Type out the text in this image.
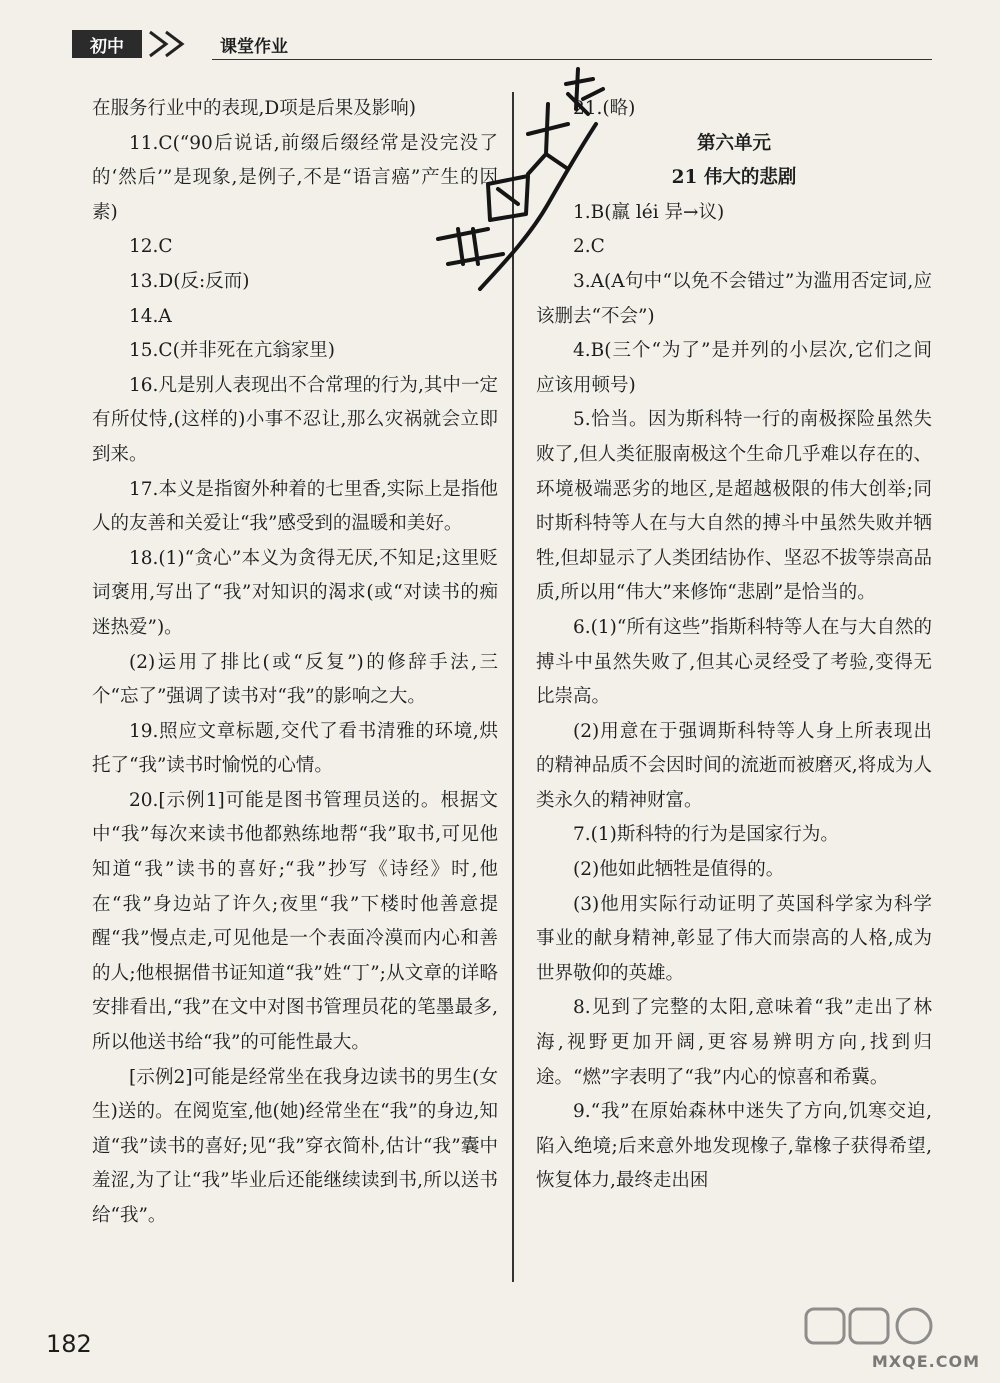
初中	课堂作业

在服务行业中的表现,D项是后果及影响)

11.C(“90后说话,前缀后缀经常是没完没了的‘然后’”是现象,是例子,不是“语言癌”产生的因素)

12.C

13.D(反:反而)

14.A

15.C(并非死在亢翁家里)

16.凡是别人表现出不合常理的行为,其中一定有所仗恃,(这样的)小事不忍让,那么灾祸就会立即到来。

17.本义是指窗外种着的七里香,实际上是指他人的友善和关爱让“我”感受到的温暖和美好。

18.(1)“贪心”本义为贪得无厌,不知足;这里贬词褒用,写出了“我”对知识的渴求(或“对读书的痴迷热爱”)。

(2)运用了排比(或“反复”)的修辞手法,三个“忘了”强调了读书对“我”的影响之大。

19.照应文章标题,交代了看书清雅的环境,烘托了“我”读书时愉悦的心情。

20.[示例1]可能是图书管理员送的。根据文中“我”每次来读书他都熟练地帮“我”取书,可见他知道“我”读书的喜好;“我”抄写《诗经》时,他在“我”身边站了许久;夜里“我”下楼时他善意提醒“我”慢点走,可见他是一个表面冷漠而内心和善的人;他根据借书证知道“我”姓“丁”;从文章的详略安排看出,“我”在文中对图书管理员花的笔墨最多,所以他送书给“我”的可能性最大。

[示例2]可能是经常坐在我身边读书的男生(女生)送的。在阅览室,他(她)经常坐在“我”的身边,知道“我”读书的喜好;见“我”穿衣简朴,估计“我”囊中羞涩,为了让“我”毕业后还能继续读到书,所以送书给“我”。

21.(略)

第六单元

21 伟大的悲剧

1.B(羸 léi 异→议)

2.C

3.A(A句中“以免不会错过”为滥用否定词,应该删去“不会”)

4.B(三个“为了”是并列的小层次,它们之间应该用顿号)

5.恰当。因为斯科特一行的南极探险虽然失败了,但人类征服南极这个生命几乎难以存在的、环境极端恶劣的地区,是超越极限的伟大创举;同时斯科特等人在与大自然的搏斗中虽然失败并牺牲,但却显示了人类团结协作、坚忍不拔等崇高品质,所以用“伟大”来修饰“悲剧”是恰当的。

6.(1)“所有这些”指斯科特等人在与大自然的搏斗中虽然失败了,但其心灵经受了考验,变得无比崇高。

(2)用意在于强调斯科特等人身上所表现出的精神品质不会因时间的流逝而被磨灭,将成为人类永久的精神财富。

7.(1)斯科特的行为是国家行为。

(2)他如此牺牲是值得的。

(3)他用实际行动证明了英国科学家为科学事业的献身精神,彰显了伟大而崇高的人格,成为世界敬仰的英雄。

8.见到了完整的太阳,意味着“我”走出了林海,视野更加开阔,更容易辨明方向,找到归途。“燃”字表明了“我”内心的惊喜和希冀。

9.“我”在原始森林中迷失了方向,饥寒交迫,陷入绝境;后来意外地发现橡子,靠橡子获得希望,恢复体力,最终走出困

182
MXQE.COM
